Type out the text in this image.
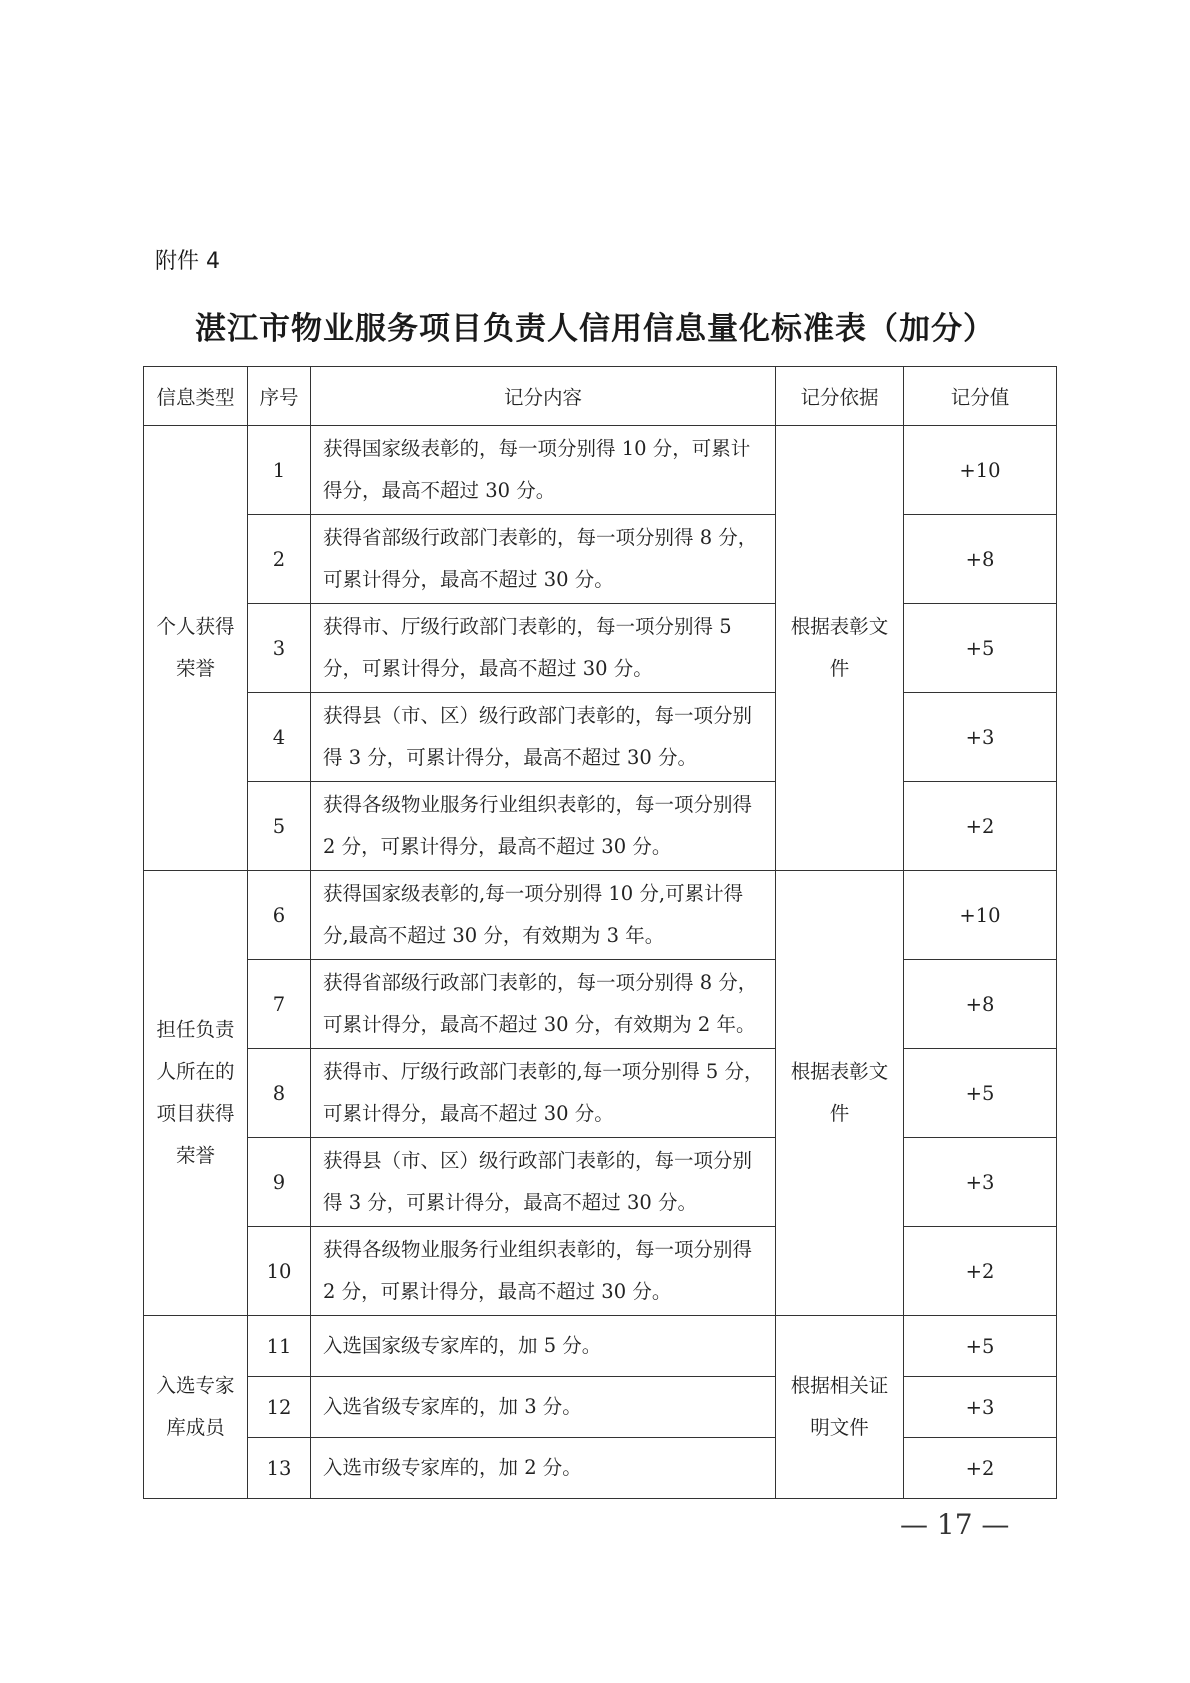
附件 4
湛江市物业服务项目负责人信用信息量化标准表（加分）
信息类型	序号	记分内容	记分依据	记分值
个人获得荣誉	1	获得国家级表彰的，每一项分别得 10 分，可累计得分，最高不超过 30 分。	根据表彰文件	+10
	2	获得省部级行政部门表彰的，每一项分别得 8 分，可累计得分，最高不超过 30 分。		+8
	3	获得市、厅级行政部门表彰的，每一项分别得 5 分，可累计得分，最高不超过 30 分。		+5
	4	获得县（市、区）级行政部门表彰的，每一项分别得 3 分，可累计得分，最高不超过 30 分。		+3
	5	获得各级物业服务行业组织表彰的，每一项分别得 2 分，可累计得分，最高不超过 30 分。		+2
担任负责人所在的项目获得荣誉	6	获得国家级表彰的,每一项分别得 10 分,可累计得分,最高不超过 30 分，有效期为 3 年。	根据表彰文件	+10
	7	获得省部级行政部门表彰的，每一项分别得 8 分，可累计得分，最高不超过 30 分，有效期为 2 年。		+8
	8	获得市、厅级行政部门表彰的,每一项分别得 5 分，可累计得分，最高不超过 30 分。		+5
	9	获得县（市、区）级行政部门表彰的，每一项分别得 3 分，可累计得分，最高不超过 30 分。		+3
	10	获得各级物业服务行业组织表彰的，每一项分别得 2 分，可累计得分，最高不超过 30 分。		+2
入选专家库成员	11	入选国家级专家库的，加 5 分。	根据相关证明文件	+5
	12	入选省级专家库的，加 3 分。		+3
	13	入选市级专家库的，加 2 分。		+2
— 17 —
